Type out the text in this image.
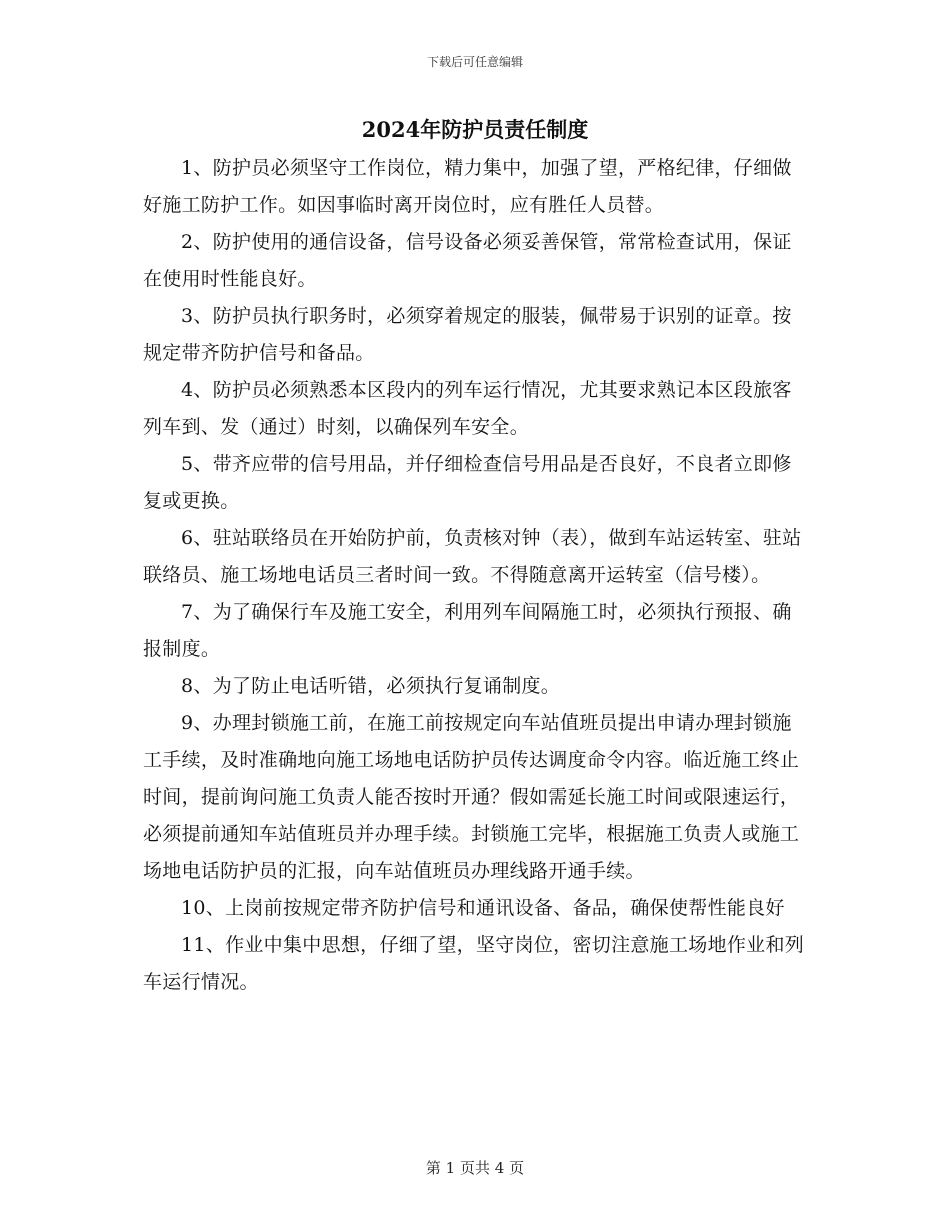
下载后可任意编辑
2024年防护员责任制度

1、防护员必须坚守工作岗位，精力集中，加强了望，严格纪律，仔细做好施工防护工作。如因事临时离开岗位时，应有胜任人员替。

2、防护使用的通信设备，信号设备必须妥善保管，常常检查试用，保证在使用时性能良好。

3、防护员执行职务时，必须穿着规定的服装，佩带易于识别的证章。按规定带齐防护信号和备品。

4、防护员必须熟悉本区段内的列车运行情况，尤其要求熟记本区段旅客列车到、发（通过）时刻，以确保列车安全。

5、带齐应带的信号用品，并仔细检查信号用品是否良好，不良者立即修复或更换。

6、驻站联络员在开始防护前，负责核对钟（表），做到车站运转室、驻站联络员、施工场地电话员三者时间一致。不得随意离开运转室（信号楼）。

7、为了确保行车及施工安全，利用列车间隔施工时，必须执行预报、确报制度。

8、为了防止电话听错，必须执行复诵制度。

9、办理封锁施工前，在施工前按规定向车站值班员提出申请办理封锁施工手续，及时准确地向施工场地电话防护员传达调度命令内容。临近施工终止时间，提前询问施工负责人能否按时开通？假如需延长施工时间或限速运行，必须提前通知车站值班员并办理手续。封锁施工完毕，根据施工负责人或施工场地电话防护员的汇报，向车站值班员办理线路开通手续。

10、上岗前按规定带齐防护信号和通讯设备、备品，确保使帮性能良好

11、作业中集中思想，仔细了望，坚守岗位，密切注意施工场地作业和列车运行情况。

第 1 页共 4 页
